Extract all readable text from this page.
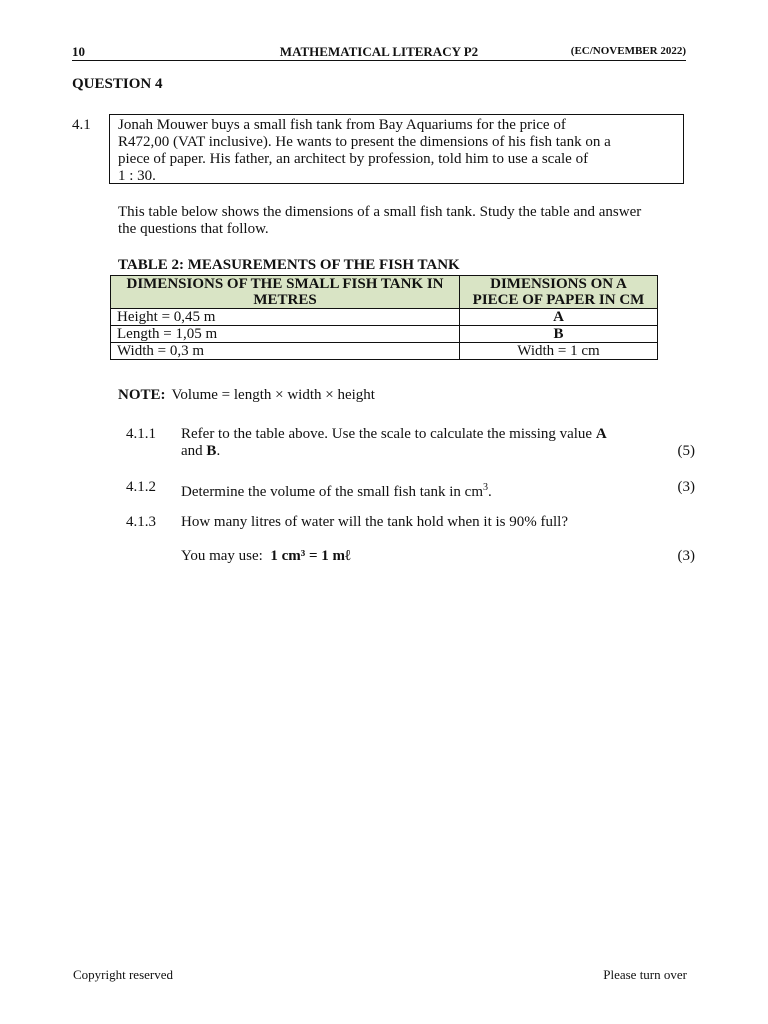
10	MATHEMATICAL LITERACY P2	(EC/NOVEMBER 2022)
QUESTION 4
4.1 Jonah Mouwer buys a small fish tank from Bay Aquariums for the price of
R472,00 (VAT inclusive). He wants to present the dimensions of his fish tank on a
piece of paper. His father, an architect by profession, told him to use a scale of
1 : 30.
This table below shows the dimensions of a small fish tank. Study the table and answer
the questions that follow.
TABLE 2: MEASUREMENTS OF THE FISH TANK
DIMENSIONS OF THE SMALL FISH TANK IN METRES	DIMENSIONS ON A PIECE OF PAPER IN CM
Height = 0,45 m	A
Length = 1,05 m	B
Width = 0,3 m	Width = 1 cm
NOTE: Volume = length × width × height
4.1.1 Refer to the table above. Use the scale to calculate the missing value A
and B.	(5)
4.1.2 Determine the volume of the small fish tank in $cm^3$.	(3)
4.1.3 How many litres of water will the tank hold when it is 90% full?
You may use:  1 cm³ = 1 mℓ	(3)
Copyright reserved	Please turn over
